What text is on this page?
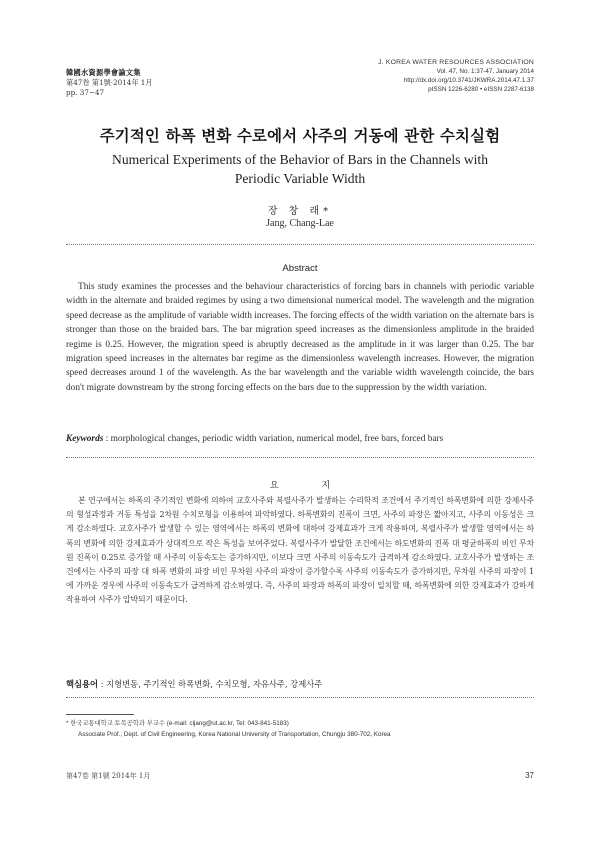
韓國水資源學會論文集
第47卷 第1號·2014年 1月
pp. 37~47
J. KOREA WATER RESOURCES ASSOCIATION
Vol. 47, No. 1:37-47, January 2014
http://dx.doi.org/10.3741/JKWRA.2014.47.1.37
pISSN 1226-6280 • eISSN 2287-6138
주기적인 하폭 변화 수로에서 사주의 거동에 관한 수치실험
Numerical Experiments of the Behavior of Bars in the Channels with
Periodic Variable Width
장 창 래*
Jang, Chang-Lae
Abstract

This study examines the processes and the behaviour characteristics of forcing bars in channels with periodic variable width in the alternate and braided regimes by using a two dimensional numerical model. The wavelength and the migration speed decrease as the amplitude of variable width increases. The forcing effects of the width variation on the alternate bars is stronger than those on the braided bars. The bar migration speed increases as the dimensionless amplitude in the braided regime is 0.25. However, the migration speed is abruptly decreased as the amplitude in it was larger than 0.25. The bar migration speed increases in the alternates bar regime as the dimensionless wavelength increases. However, the migration speed decreases around 1 of the wavelength. As the bar wavelength and the variable width wavelength coincide, the bars don't migrate downstream by the strong forcing effects on the bars due to the suppression by the width variation.

Keywords : morphological changes, periodic width variation, numerical model, free bars, forced bars
요 지

본 연구에서는 하폭의 주기적인 변화에 의하여 교호사주와 복렬사주가 발생하는 수리학적 조건에서 주기적인 하폭변화에 의한 강제사주의 형성과정과 거동 특성을 2차원 수치모형을 이용하여 파악하였다. 하폭변화의 진폭이 크면, 사주의 파장은 짧아지고, 사주의 이동성은 크게 감소하였다. 교호사주가 발생할 수 있는 영역에서는 하폭의 변화에 대하여 강제효과가 크게 작용하며, 복렬사주가 발생할 영역에서는 하폭의 변화에 의한 강제효과가 상대적으로 작은 특성을 보여주었다. 복렬사주가 발달한 조건에서는 하도변화의 진폭 대 평균하폭의 비인 무차원 진폭이 0.25로 증가할 때 사주의 이동속도는 증가하지만, 이보다 크면 사주의 이동속도가 급격하게 감소하였다. 교호사주가 발생하는 조건에서는 사주의 파장 대 하폭 변화의 파장 비인 무차원 사주의 파장이 증가할수록 사주의 이동속도가 증가하지만, 무차원 사주의 파장이 1에 가까운 경우에 사주의 이동속도가 급격하게 감소하였다. 즉, 사주의 파장과 하폭의 파장이 일치할 때, 하폭변화에 의한 강제효과가 강하게 작용하여 사주가 압박되기 때문이다.

핵심용어 : 지형변동, 주기적인 하폭변화, 수치모형, 자유사주, 강제사주
* 한국교통대학교 토목공학과 부교수 (e-mail: cljang@ut.ac.kr, Tel: 043-841-5183)
Associate Prof., Dept. of Civil Engineering, Korea National University of Transportation, Chungju 380-702, Korea
第47卷 第1號 2014年 1月	37
